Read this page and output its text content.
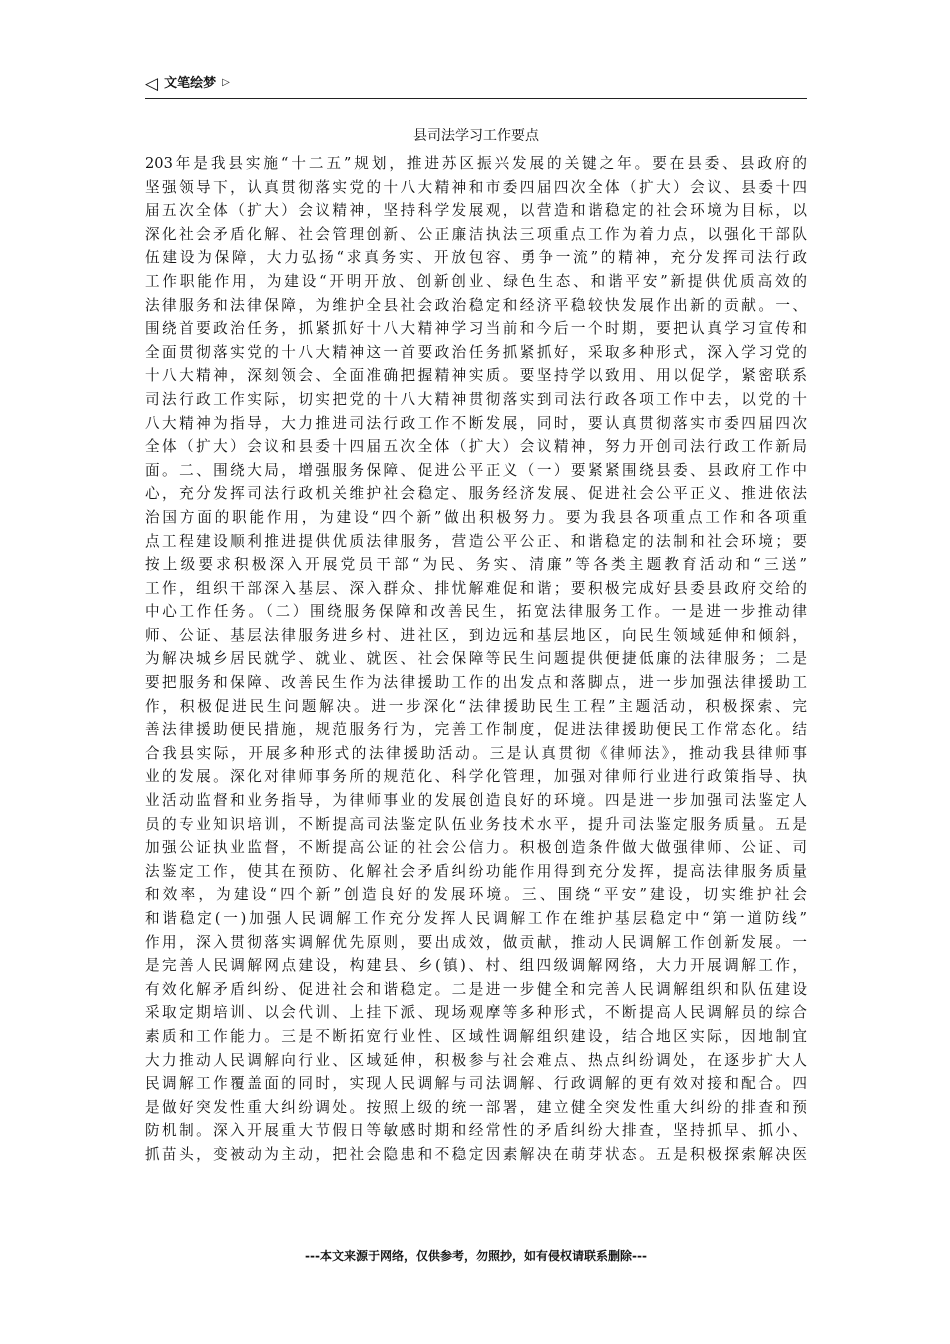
◁ 文笔绘梦 ▷
县司法学习工作要点
203年是我县实施“十二五”规划，推进苏区振兴发展的关键之年。要在县委、县政府的
坚强领导下，认真贯彻落实党的十八大精神和市委四届四次全体（扩大）会议、县委十四
届五次全体（扩大）会议精神，坚持科学发展观，以营造和谐稳定的社会环境为目标，以
深化社会矛盾化解、社会管理创新、公正廉洁执法三项重点工作为着力点，以强化干部队
伍建设为保障，大力弘扬“求真务实、开放包容、勇争一流”的精神，充分发挥司法行政
工作职能作用，为建设“开明开放、创新创业、绿色生态、和谐平安”新提供优质高效的
法律服务和法律保障，为维护全县社会政治稳定和经济平稳较快发展作出新的贡献。一、
围绕首要政治任务，抓紧抓好十八大精神学习当前和今后一个时期，要把认真学习宣传和
全面贯彻落实党的十八大精神这一首要政治任务抓紧抓好，采取多种形式，深入学习党的
十八大精神，深刻领会、全面准确把握精神实质。要坚持学以致用、用以促学，紧密联系
司法行政工作实际，切实把党的十八大精神贯彻落实到司法行政各项工作中去，以党的十
八大精神为指导，大力推进司法行政工作不断发展，同时，要认真贯彻落实市委四届四次
全体（扩大）会议和县委十四届五次全体（扩大）会议精神，努力开创司法行政工作新局
面。二、围绕大局，增强服务保障、促进公平正义（一）要紧紧围绕县委、县政府工作中
心，充分发挥司法行政机关维护社会稳定、服务经济发展、促进社会公平正义、推进依法
治国方面的职能作用，为建设“四个新”做出积极努力。要为我县各项重点工作和各项重
点工程建设顺利推进提供优质法律服务，营造公平公正、和谐稳定的法制和社会环境；要
按上级要求积极深入开展党员干部“为民、务实、清廉”等各类主题教育活动和“三送”
工作，组织干部深入基层、深入群众、排忧解难促和谐；要积极完成好县委县政府交给的
中心工作任务。（二）围绕服务保障和改善民生，拓宽法律服务工作。一是进一步推动律
师、公证、基层法律服务进乡村、进社区，到边远和基层地区，向民生领域延伸和倾斜，
为解决城乡居民就学、就业、就医、社会保障等民生问题提供便捷低廉的法律服务；二是
要把服务和保障、改善民生作为法律援助工作的出发点和落脚点，进一步加强法律援助工
作，积极促进民生问题解决。进一步深化“法律援助民生工程”主题活动，积极探索、完
善法律援助便民措施，规范服务行为，完善工作制度，促进法律援助便民工作常态化。结
合我县实际，开展多种形式的法律援助活动。三是认真贯彻《律师法》，推动我县律师事
业的发展。深化对律师事务所的规范化、科学化管理，加强对律师行业进行政策指导、执
业活动监督和业务指导，为律师事业的发展创造良好的环境。四是进一步加强司法鉴定人
员的专业知识培训，不断提高司法鉴定队伍业务技术水平，提升司法鉴定服务质量。五是
加强公证执业监督，不断提高公证的社会公信力。积极创造条件做大做强律师、公证、司
法鉴定工作，使其在预防、化解社会矛盾纠纷功能作用得到充分发挥，提高法律服务质量
和效率，为建设“四个新”创造良好的发展环境。三、围绕“平安”建设，切实维护社会
和谐稳定(一)加强人民调解工作充分发挥人民调解工作在维护基层稳定中“第一道防线”
作用，深入贯彻落实调解优先原则，要出成效，做贡献，推动人民调解工作创新发展。一
是完善人民调解网点建设，构建县、乡(镇)、村、组四级调解网络，大力开展调解工作，
有效化解矛盾纠纷、促进社会和谐稳定。二是进一步健全和完善人民调解组织和队伍建设
采取定期培训、以会代训、上挂下派、现场观摩等多种形式，不断提高人民调解员的综合
素质和工作能力。三是不断拓宽行业性、区域性调解组织建设，结合地区实际，因地制宜
大力推动人民调解向行业、区域延伸，积极参与社会难点、热点纠纷调处，在逐步扩大人
民调解工作覆盖面的同时，实现人民调解与司法调解、行政调解的更有效对接和配合。四
是做好突发性重大纠纷调处。按照上级的统一部署，建立健全突发性重大纠纷的排查和预
防机制。深入开展重大节假日等敏感时期和经常性的矛盾纠纷大排查，坚持抓早、抓小、
抓苗头，变被动为主动，把社会隐患和不稳定因素解决在萌芽状态。五是积极探索解决医
---本文来源于网络，仅供参考，勿照抄，如有侵权请联系删除---
